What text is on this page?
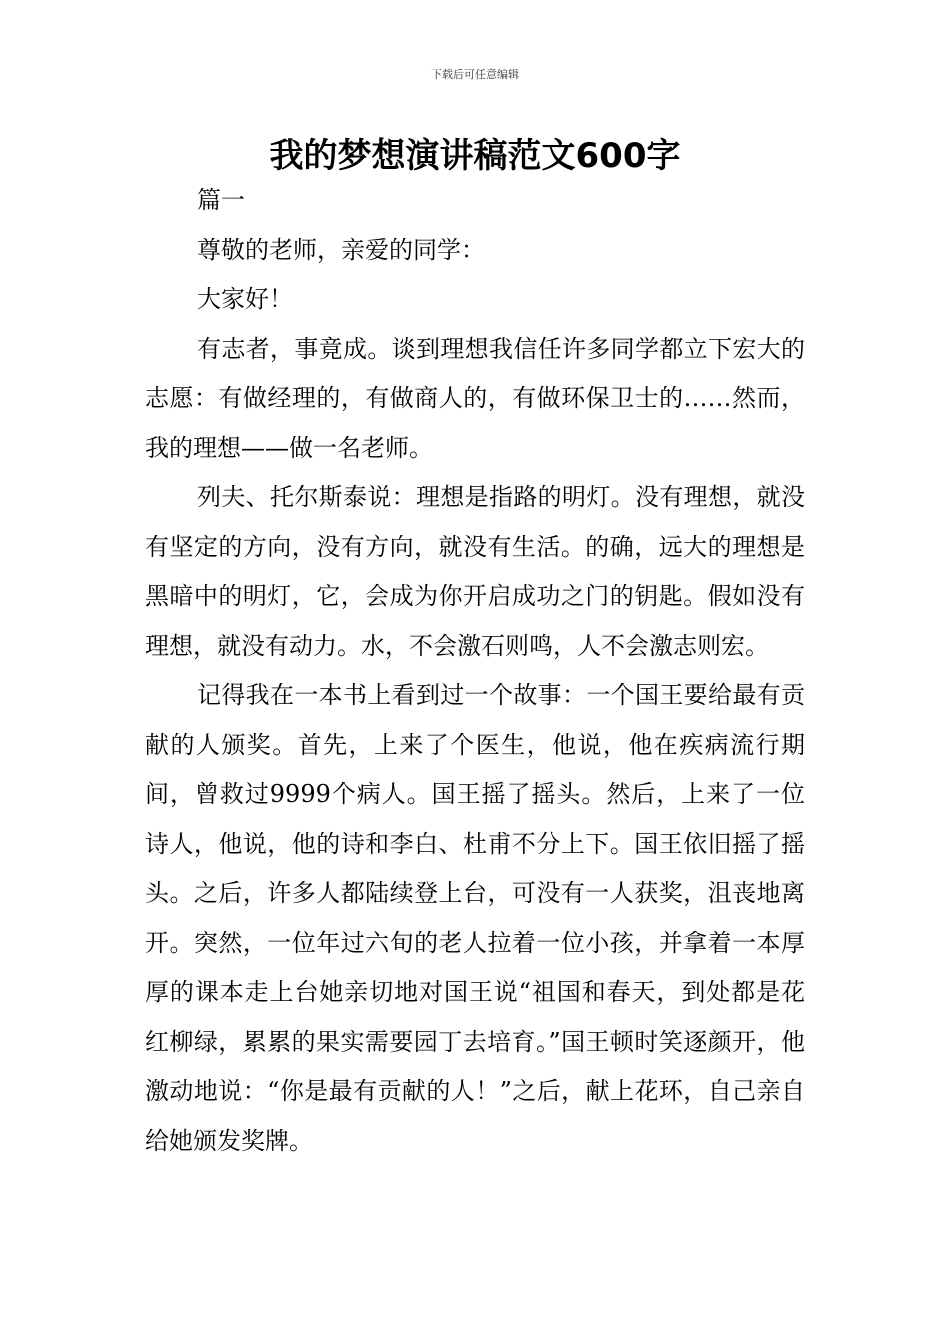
下载后可任意编辑
我的梦想演讲稿范文600字

篇一

尊敬的老师，亲爱的同学：

大家好！

有志者，事竟成。谈到理想我信任许多同学都立下宏大的志愿：有做经理的，有做商人的，有做环保卫士的……然而，我的理想——做一名老师。

列夫、托尔斯泰说：理想是指路的明灯。没有理想，就没有坚定的方向，没有方向，就没有生活。的确，远大的理想是黑暗中的明灯，它，会成为你开启成功之门的钥匙。假如没有理想，就没有动力。水，不会激石则鸣，人不会激志则宏。

记得我在一本书上看到过一个故事：一个国王要给最有贡献的人颁奖。首先，上来了个医生，他说，他在疾病流行期间，曾救过9999个病人。国王摇了摇头。然后，上来了一位诗人，他说，他的诗和李白、杜甫不分上下。国王依旧摇了摇头。之后，许多人都陆续登上台，可没有一人获奖，沮丧地离开。突然，一位年过六旬的老人拉着一位小孩，并拿着一本厚厚的课本走上台她亲切地对国王说“祖国和春天，到处都是花红柳绿，累累的果实需要园丁去培育。”国王顿时笑逐颜开，他激动地说：“你是最有贡献的人！”之后，献上花环，自己亲自给她颁发奖牌。
